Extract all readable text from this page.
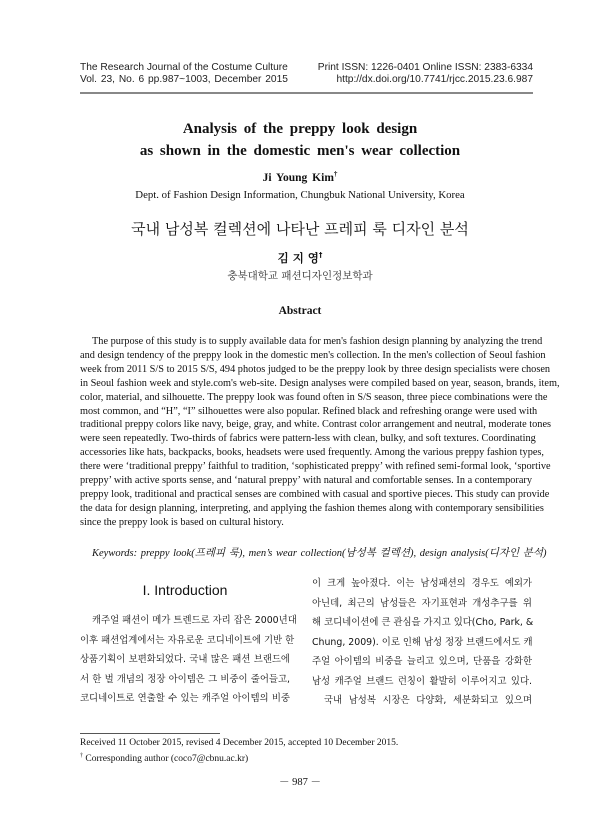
The Research Journal of the Costume Culture
Vol. 23, No. 6 pp.987~1003, December 2015
Print ISSN: 1226-0401 Online ISSN: 2383-6334
http://dx.doi.org/10.7741/rjcc.2015.23.6.987
Analysis of the preppy look design
as shown in the domestic men's wear collection
Ji Young Kim†
Dept. of Fashion Design Information, Chungbuk National University, Korea
국내 남성복 컬렉션에 나타난 프레피 룩 디자인 분석
김 지 영†
충북대학교 패션디자인정보학과
Abstract
The purpose of this study is to supply available data for men's fashion design planning by analyzing the trend
and design tendency of the preppy look in the domestic men's collection. In the men's collection of Seoul fashion
week from 2011 S/S to 2015 S/S, 494 photos judged to be the preppy look by three design specialists were chosen
in Seoul fashion week and style.com's web-site. Design analyses were compiled based on year, season, brands, item,
color, material, and silhouette. The preppy look was found often in S/S season, three piece combinations were the
most common, and “H”, “I” silhouettes were also popular. Refined black and refreshing orange were used with
traditional preppy colors like navy, beige, gray, and white. Contrast color arrangement and neutral, moderate tones
were seen repeatedly. Two-thirds of fabrics were pattern-less with clean, bulky, and soft textures. Coordinating
accessories like hats, backpacks, books, headsets were used frequently. Among the various preppy fashion types,
there were ‘traditional preppy’ faithful to tradition, ‘sophisticated preppy’ with refined semi-formal look, ‘sportive
preppy’ with active sports sense, and ‘natural preppy’ with natural and comfortable senses. In a contemporary
preppy look, traditional and practical senses are combined with casual and sportive pieces. This study can provide
the data for design planning, interpreting, and applying the fashion themes along with contemporary sensibilities
since the preppy look is based on cultural history.
Keywords: preppy look(프레피 룩), men’s wear collection(남성복 컬렉션), design analysis(디자인 분석)
I. Introduction
캐주얼 패션이 메가 트렌드로 자리 잡은 2000년대
이후 패션업계에서는 자유로운 코디네이트에 기반 한
상품기획이 보편화되었다. 국내 많은 패션 브랜드에
서 한 벌 개념의 정장 아이템은 그 비중이 줄어들고,
코디네이트로 연출할 수 있는 캐주얼 아이템의 비중
이 크게 높아졌다. 이는 남성패션의 경우도 예외가
아닌데, 최근의 남성들은 자기표현과 개성추구를 위
해 코디네이션에 큰 관심을 가지고 있다(Cho, Park, &
Chung, 2009). 이로 인해 남성 정장 브랜드에서도 캐
주얼 아이템의 비중을 늘리고 있으며, 단품을 강화한
남성 캐주얼 브랜드 런칭이 활발히 이루어지고 있다.
국내 남성복 시장은 다양화, 세분화되고 있으며
Received 11 October 2015, revised 4 December 2015, accepted 10 December 2015.
† Corresponding author (coco7@cbnu.ac.kr)
－ 987 －
